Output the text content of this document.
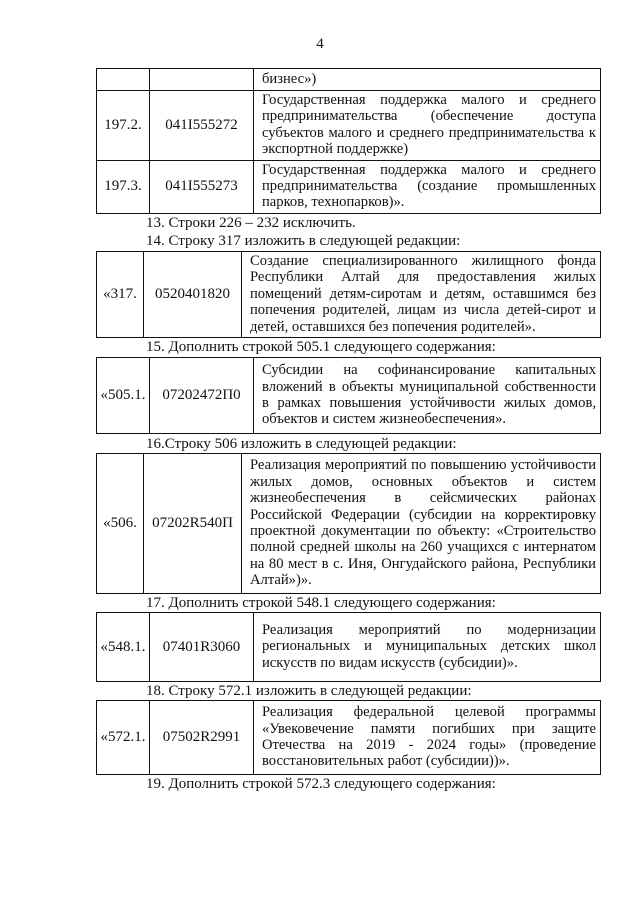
4
		бизнес»)
197.2.	041I555272	Государственная поддержка малого и среднего предпринимательства (обеспечение доступа субъектов малого и среднего предпринимательства к экспортной поддержке)
197.3.	041I555273	Государственная поддержка малого и среднего предпринимательства (создание промышленных парков, технопарков)».
13. Строки 226 – 232 исключить.
14. Строку 317 изложить в следующей редакции:
«317.	0520401820	Создание специализированного жилищного фонда Республики Алтай для предоставления жилых помещений детям-сиротам и детям, оставшимся без попечения родителей, лицам из числа детей-сирот и детей, оставшихся без попечения родителей».
15. Дополнить строкой 505.1 следующего содержания:
«505.1.	07202472П0	Субсидии на софинансирование капитальных вложений в объекты муниципальной собственности в рамках повышения устойчивости жилых домов, объектов и систем жизнеобеспечения».
16.Строку 506 изложить в следующей редакции:
«506.	07202R540П	Реализация мероприятий по повышению устойчивости жилых домов, основных объектов и систем жизнеобеспечения в сейсмических районах Российской Федерации (субсидии на корректировку проектной документации по объекту: «Строительство полной средней школы на 260 учащихся с интернатом на 80 мест в с. Иня, Онгудайского района, Республики Алтай»)».
17. Дополнить строкой 548.1 следующего содержания:
«548.1.	07401R3060	Реализация мероприятий по модернизации региональных и муниципальных детских школ искусств по видам искусств (субсидии)».
18. Строку 572.1 изложить в следующей редакции:
«572.1.	07502R2991	Реализация федеральной целевой программы «Увековечение памяти погибших при защите Отечества на 2019 - 2024 годы» (проведение восстановительных работ (субсидии))».
19. Дополнить строкой 572.3 следующего содержания:
